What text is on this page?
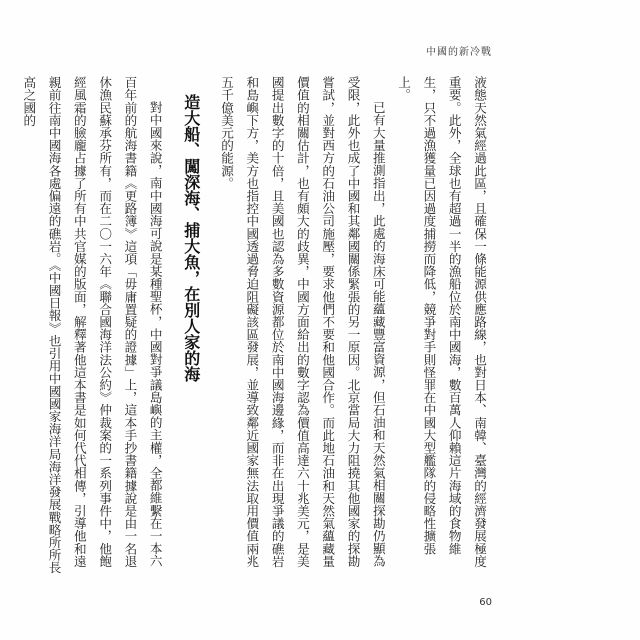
中國的新冷戰

液態天然氣經過此區，且確保一條能源供應路線，也對日本、南韓、臺灣的經濟發展極度重要。此外，全球也有超過一半的漁船位於南中國海，數百萬人仰賴這片海域的食物維生，只不過漁獲量已因過度捕撈而降低，競爭對手則怪罪在中國大型艦隊的侵略性擴張上。

已有大量推測指出，此處的海床可能蘊藏豐富資源，但石油和天然氣相關探勘仍顯為受限，此外也成了中國和其鄰國關係緊張的另一原因。北京當局大力阻撓其他國家的探勘嘗試，並對西方的石油公司施壓，要求他們不要和他國合作。而此地石油和天然氣蘊藏量價值的相關估計，也有頗大的歧異，中國方面給出的數字認為價值高達六十兆美元，是美國提出數字的十倍，且美國也認為多數資源都位於南中國海邊緣，而非在出現爭議的礁岩和島嶼下方，美方也指控中國透過脅迫阻礙該區發展，並導致鄰近國家無法取用價值兩兆五千億美元的能源。

造大船、闖深海、捕大魚，在別人家的海

對中國來說，南中國海可說是某種聖杯，中國對爭議島嶼的主權，全都維繫在一本六百年前的航海書籍《更路簿》這項「毋庸置疑的證據」上，這本手抄書籍據說是由一名退休漁民蘇承芬所有，而在二〇一六年《聯合國海洋法公約》仲裁案的一系列事件中，他飽經風霜的臉龐占據了所有中共官媒的版面，解釋著他這本書是如何代代相傳，引導他和遠親前往南中國海各處偏遠的礁岩。《中國日報》也引用中國國家海洋局海洋發展戰略所所長高之國的

60
